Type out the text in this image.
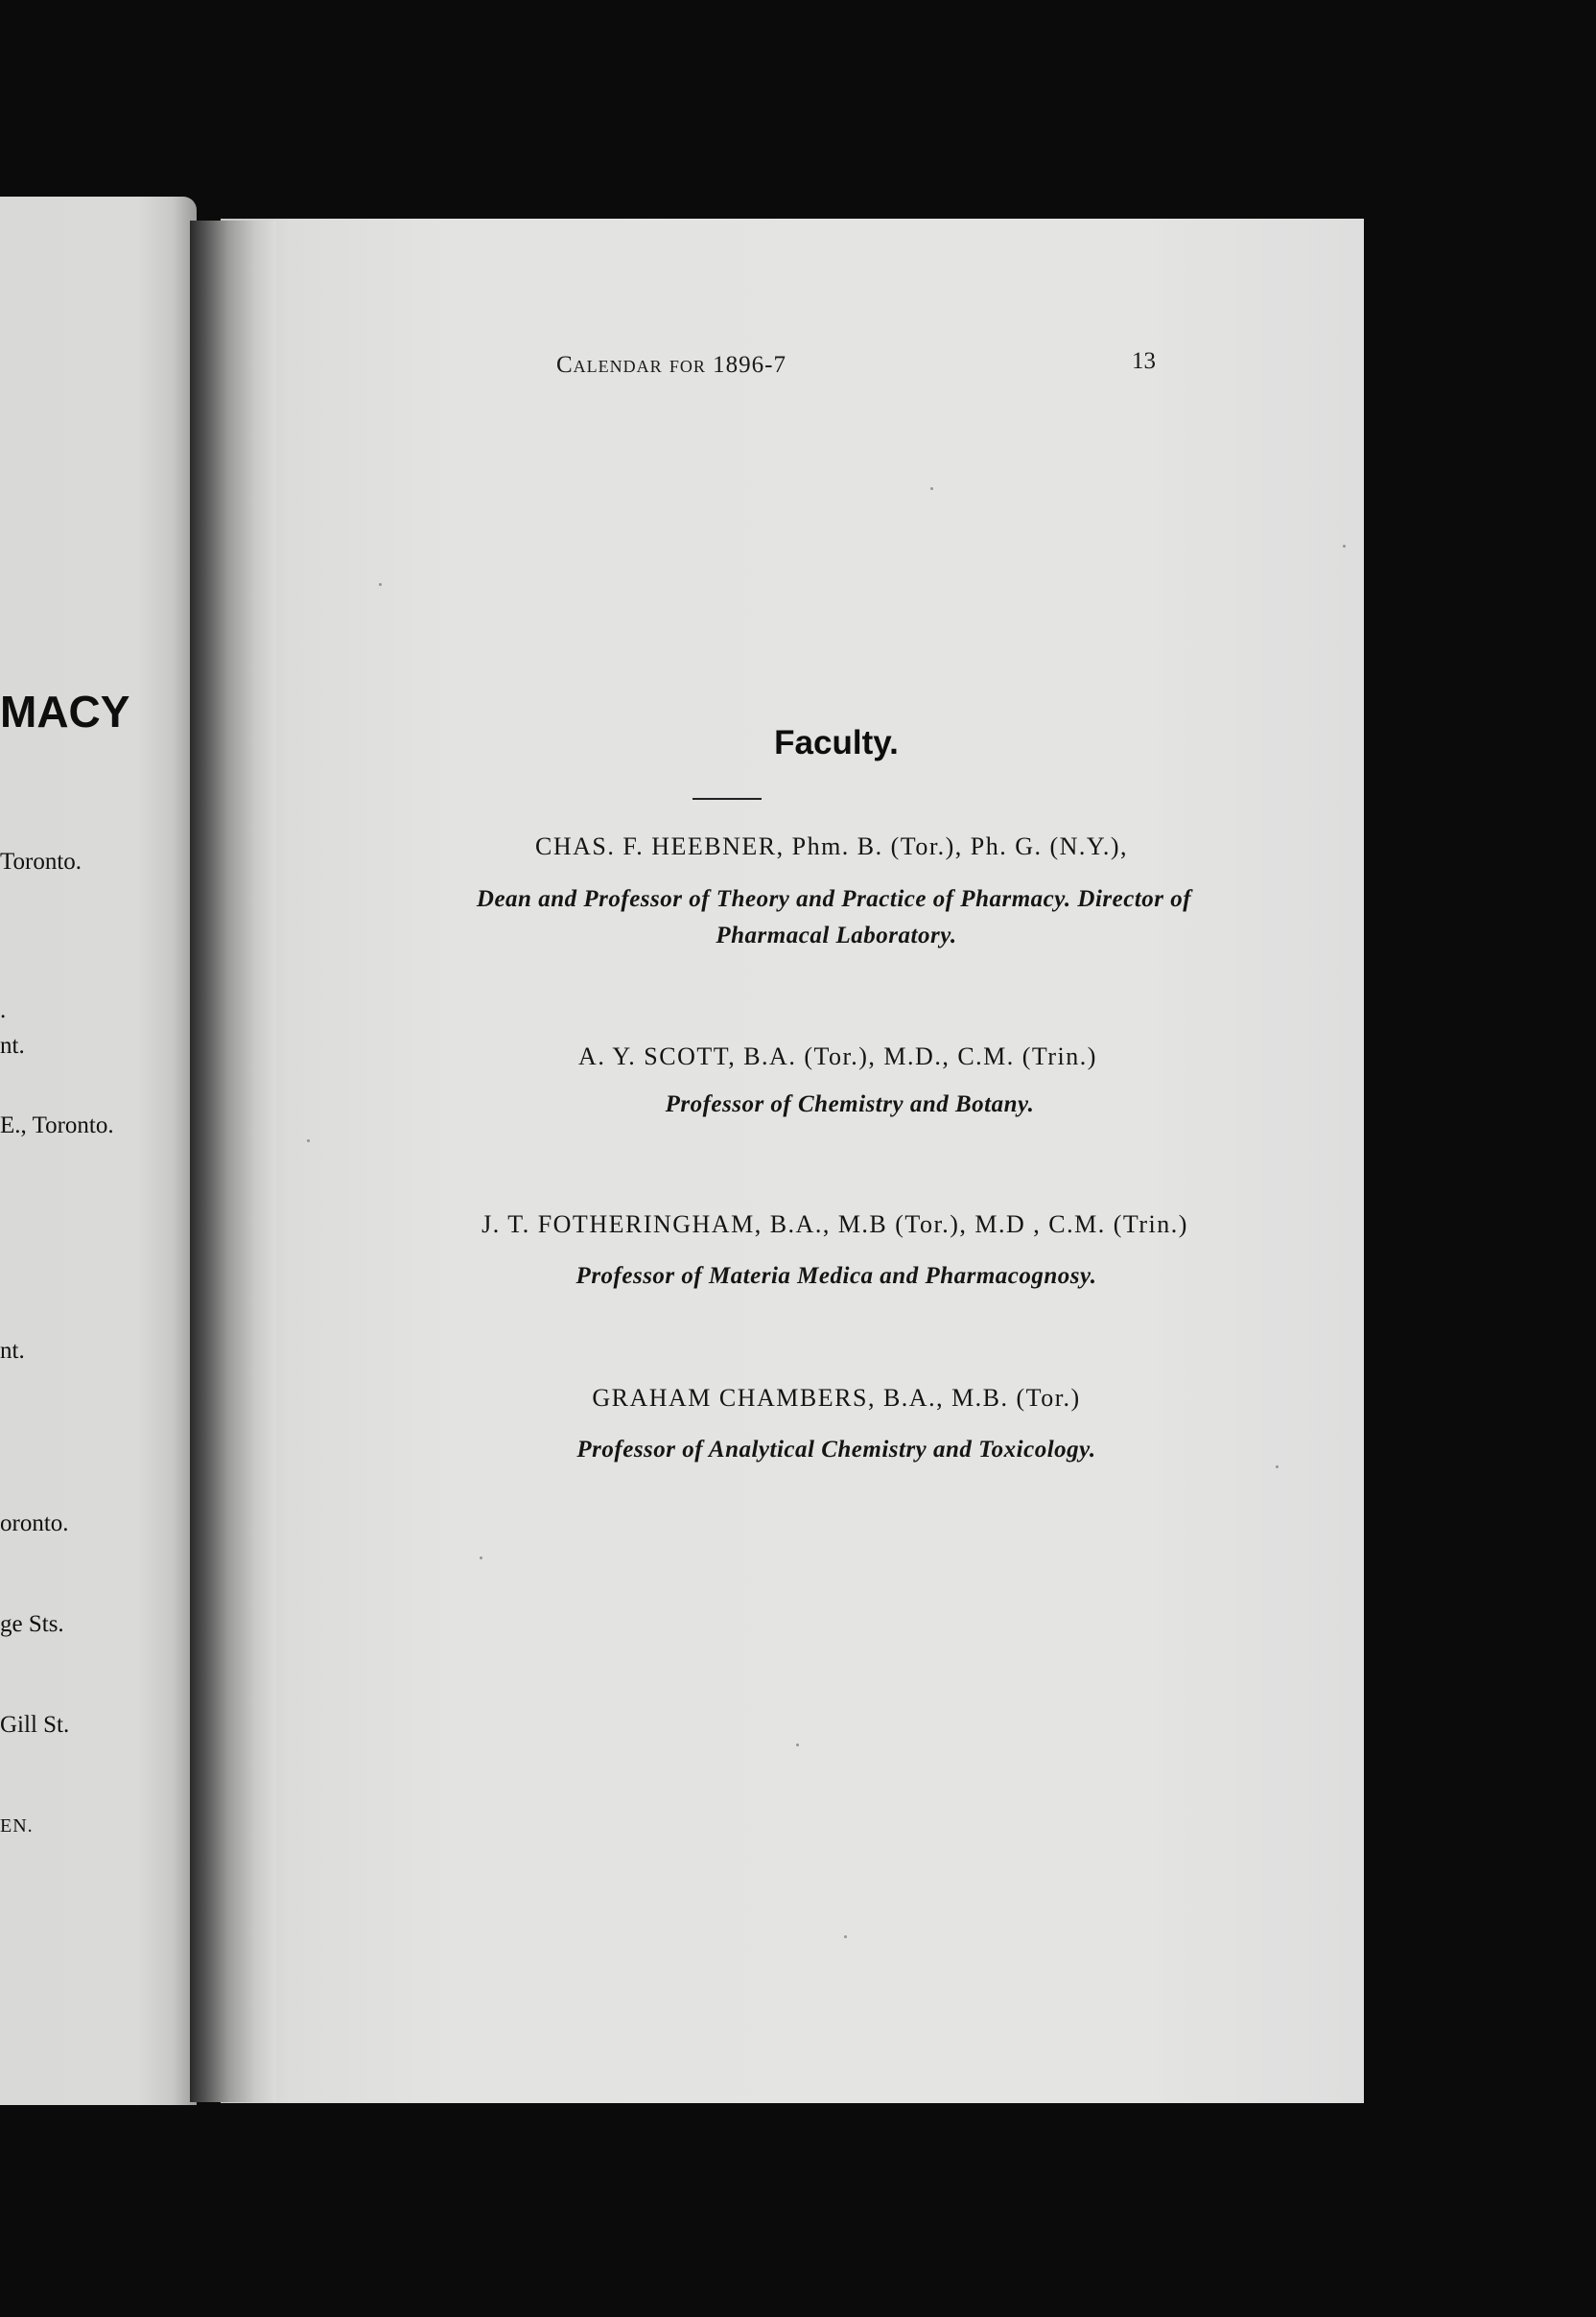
MACY
Toronto.
.
nt.
E., Toronto.
nt.
oronto.
ge Sts.
Gill St.
EN.
Calendar for 1896-7	13
Faculty.
CHAS. F. HEEBNER, Phm. B. (Tor.), Ph. G. (N.Y.),
Dean and Professor of Theory and Practice of Pharmacy. Director of
Pharmacal Laboratory.
A. Y. SCOTT, B.A. (Tor.), M.D., C.M. (Trin.)
Professor of Chemistry and Botany.
J. T. FOTHERINGHAM, B.A., M.B (Tor.), M.D , C.M. (Trin.)
Professor of Materia Medica and Pharmacognosy.
GRAHAM CHAMBERS, B.A., M.B. (Tor.)
Professor of Analytical Chemistry and Toxicology.
